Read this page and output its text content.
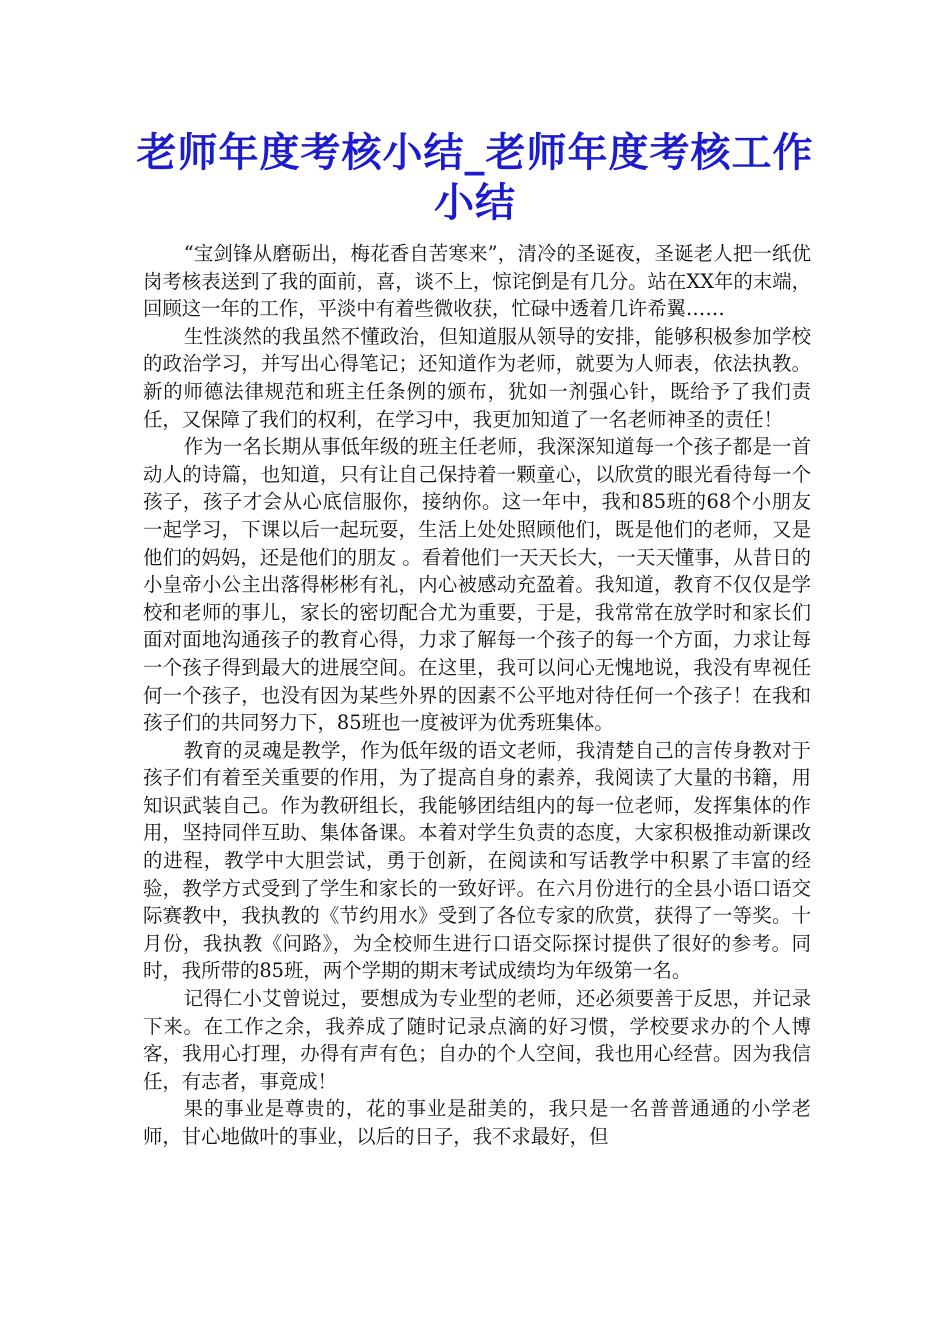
老师年度考核小结_老师年度考核工作小结

“宝剑锋从磨砺出，梅花香自苦寒来”，清冷的圣诞夜，圣诞老人把一纸优岗考核表送到了我的面前，喜，谈不上，惊诧倒是有几分。站在XX年的末端，回顾这一年的工作，平淡中有着些微收获，忙碌中透着几许希翼……

生性淡然的我虽然不懂政治，但知道服从领导的安排，能够积极参加学校的政治学习，并写出心得笔记；还知道作为老师，就要为人师表，依法执教。新的师德法律规范和班主任条例的颁布，犹如一剂强心针，既给予了我们责任，又保障了我们的权利，在学习中，我更加知道了一名老师神圣的责任！

作为一名长期从事低年级的班主任老师，我深深知道每一个孩子都是一首动人的诗篇，也知道，只有让自己保持着一颗童心，以欣赏的眼光看待每一个孩子，孩子才会从心底信服你，接纳你。这一年中，我和85班的68个小朋友一起学习，下课以后一起玩耍，生活上处处照顾他们，既是他们的老师，又是他们的妈妈，还是他们的朋友 。看着他们一天天长大，一天天懂事，从昔日的小皇帝小公主出落得彬彬有礼，内心被感动充盈着。我知道，教育不仅仅是学校和老师的事儿，家长的密切配合尤为重要，于是，我常常在放学时和家长们面对面地沟通孩子的教育心得，力求了解每一个孩子的每一个方面，力求让每一个孩子得到最大的进展空间。在这里，我可以问心无愧地说，我没有卑视任何一个孩子，也没有因为某些外界的因素不公平地对待任何一个孩子！在我和孩子们的共同努力下，85班也一度被评为优秀班集体。

教育的灵魂是教学，作为低年级的语文老师，我清楚自己的言传身教对于孩子们有着至关重要的作用，为了提高自身的素养，我阅读了大量的书籍，用知识武装自己。作为教研组长，我能够团结组内的每一位老师，发挥集体的作用，坚持同伴互助、集体备课。本着对学生负责的态度，大家积极推动新课改的进程，教学中大胆尝试，勇于创新，在阅读和写话教学中积累了丰富的经验，教学方式受到了学生和家长的一致好评。在六月份进行的全县小语口语交际赛教中，我执教的《节约用水》受到了各位专家的欣赏，获得了一等奖。十月份，我执教《问路》，为全校师生进行口语交际探讨提供了很好的参考。同时，我所带的85班，两个学期的期末考试成绩均为年级第一名。

记得仁小艾曾说过，要想成为专业型的老师，还必须要善于反思，并记录下来。在工作之余，我养成了随时记录点滴的好习惯，学校要求办的个人博客，我用心打理，办得有声有色；自办的个人空间，我也用心经营。因为我信任，有志者，事竟成！

果的事业是尊贵的，花的事业是甜美的，我只是一名普普通通的小学老师，甘心地做叶的事业，以后的日子，我不求最好，但
